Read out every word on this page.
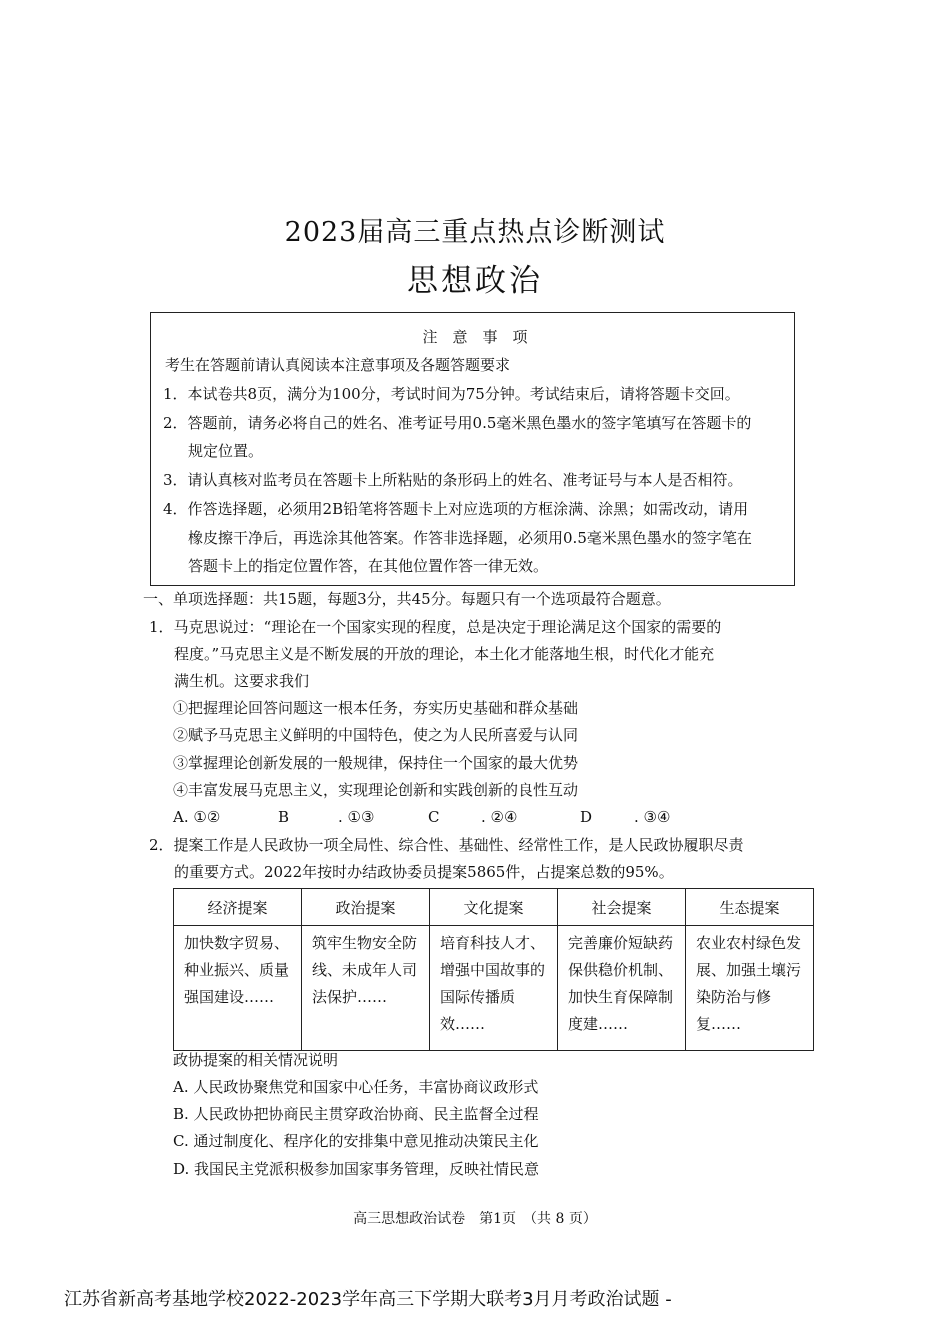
2023届高三重点热点诊断测试
思想政治
注　意　事　项
考生在答题前请认真阅读本注意事项及各题答题要求
1．本试卷共8页，满分为100分，考试时间为75分钟。考试结束后，请将答题卡交回。
2．答题前，请务必将自己的姓名、准考证号用0.5毫米黑色墨水的签字笔填写在答题卡的
规定位置。
3．请认真核对监考员在答题卡上所粘贴的条形码上的姓名、准考证号与本人是否相符。
4．作答选择题，必须用2B铅笔将答题卡上对应选项的方框涂满、涂黑；如需改动，请用
橡皮擦干净后，再选涂其他答案。作答非选择题，必须用0.5毫米黑色墨水的签字笔在
答题卡上的指定位置作答，在其他位置作答一律无效。
一、单项选择题：共15题，每题3分，共45分。每题只有一个选项最符合题意。
1．马克思说过：“理论在一个国家实现的程度，总是决定于理论满足这个国家的需要的
程度。”马克思主义是不断发展的开放的理论，本土化才能落地生根，时代化才能充
满生机。这要求我们
①把握理论回答问题这一根本任务，夯实历史基础和群众基础
②赋予马克思主义鲜明的中国特色，使之为人民所喜爱与认同
③掌握理论创新发展的一般规律，保持住一个国家的最大优势
④丰富发展马克思主义，实现理论创新和实践创新的良性互动
A. ①②	B	. ①③	C	. ②④	D	. ③④
2．提案工作是人民政协一项全局性、综合性、基础性、经常性工作，是人民政协履职尽责
的重要方式。2022年按时办结政协委员提案5865件，占提案总数的95%。
经济提案	政治提案	文化提案	社会提案	生态提案
加快数字贸易、种业振兴、质量强国建设……	筑牢生物安全防线、未成年人司法保护……	培育科技人才、增强中国故事的国际传播质效……	完善廉价短缺药保供稳价机制、加快生育保障制度建……	农业农村绿色发展、加强土壤污染防治与修复……
政协提案的相关情况说明
A. 人民政协聚焦党和国家中心任务，丰富协商议政形式
B. 人民政协把协商民主贯穿政治协商、民主监督全过程
C. 通过制度化、程序化的安排集中意见推动决策民主化
D. 我国民主党派积极参加国家事务管理，反映社情民意
高三思想政治试卷　第1页　（共 8 页）
江苏省新高考基地学校2022-2023学年高三下学期大联考3月月考政治试题 -
